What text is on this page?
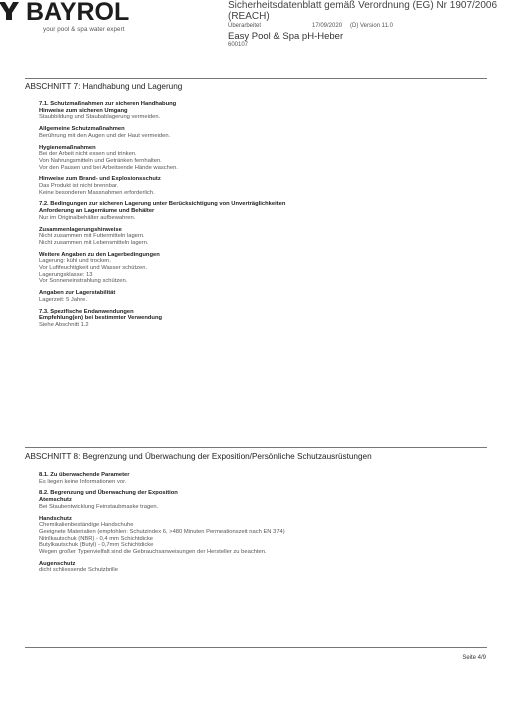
BAYROL
your pool & spa water expert
Sicherheitsdatenblatt gemäß Verordnung (EG) Nr 1907/2006 (REACH)
Überarbeitet	17/09/2020 (D) Version 11.0
Easy Pool & Spa pH-Heber
600107
ABSCHNITT 7: Handhabung und Lagerung
7.1. Schutzmaßnahmen zur sicheren Handhabung
Hinweise zum sicheren Umgang
Staubbildung und Staubablagerung vermeiden.
Allgemeine Schutzmaßnahmen
Berührung mit den Augen und der Haut vermeiden.
Hygienemaßnahmen
Bei der Arbeit nicht essen und trinken.
Von Nahrungsmitteln und Getränken fernhalten.
Vor den Pausen und bei Arbeitsende Hände waschen.
Hinweise zum Brand- und Explosionsschutz
Das Produkt ist nicht brennbar.
Keine besonderen Massnahmen erforderlich.
7.2. Bedingungen zur sicheren Lagerung unter Berücksichtigung von Unverträglichkeiten
Anforderung an Lagerräume und Behälter
Nur im Originalbehälter aufbewahren.
Zusammenlagerungshinweise
Nicht zusammen mit Futtermitteln lagern.
Nicht zusammen mit Lebensmitteln lagern.
Weitere Angaben zu den Lagerbedingungen
Lagerung: kühl und trocken.
Vor Luftfeuchtigkeit und Wasser schützen.
Lagerungsklasse: 13
Vor Sonneneinstrahlung schützen.
Angaben zur Lagerstabilität
Lagerzeit: 5 Jahre.
7.3. Spezifische Endanwendungen
Empfehlung(en) bei bestimmter Verwendung
Siehe Abschnitt 1.2
ABSCHNITT 8: Begrenzung und Überwachung der Exposition/Persönliche Schutzausrüstungen
8.1. Zu überwachende Parameter
Es liegen keine Informationen vor.
8.2. Begrenzung und Überwachung der Exposition
Atemschutz
Bei Staubentwicklung Feinstaubmaske tragen.
Handschutz
Chemikalienbeständige Handschuhe
Geeignete Materialien (empfohlen: Schutzindex 6, >480 Minuten Permeationszeit nach EN 374)
Nitrilkautschuk (NBR) - 0,4 mm Schichtdicke
Butylkautschuk (Butyl) - 0,7mm Schichtdicke
Wegen großer Typenvielfalt sind die Gebrauchsanweisungen der Hersteller zu beachten.
Augenschutz
dicht schliessende Schutzbrille
Seite 4/9
